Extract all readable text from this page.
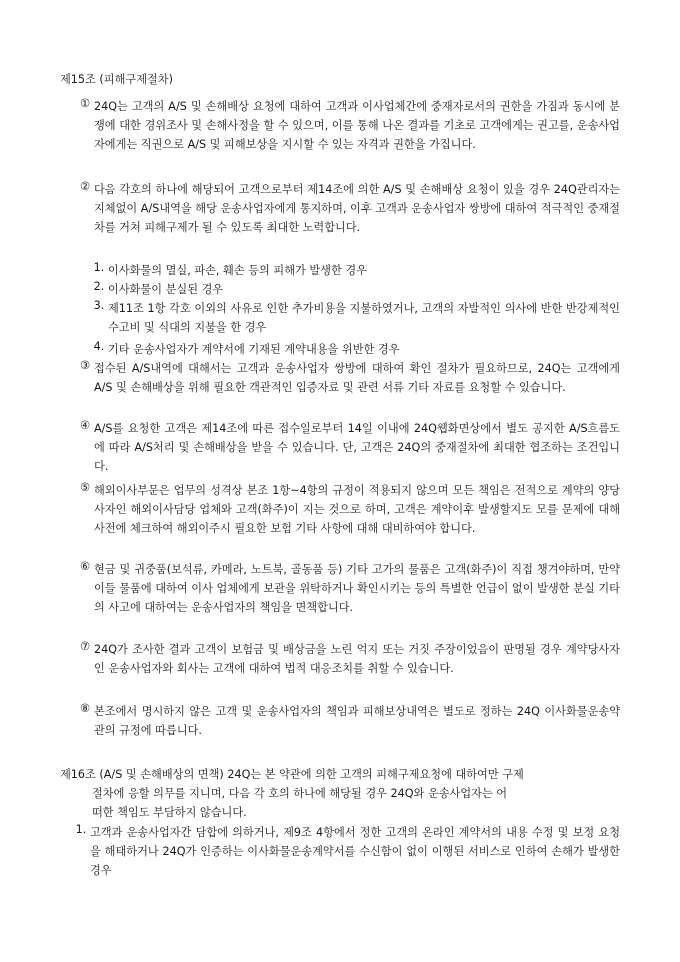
제15조 (피해구제절차)
① 24Q는 고객의 A/S 및 손해배상 요청에 대하여 고객과 이사업체간에 중재자로서의 권한을 가짐과 동시에 분쟁에 대한 경위조사 및 손해사정을 할 수 있으며, 이를 통해 나온 결과를 기초로 고객에게는 권고를, 운송사업자에게는 직권으로 A/S 및 피해보상을 지시할 수 있는 자격과 권한을 가집니다.
② 다음 각호의 하나에 해당되어 고객으로부터 제14조에 의한 A/S 및 손해배상 요청이 있을 경우 24Q관리자는 지체없이 A/S내역을 해당 운송사업자에게 통지하며, 이후 고객과 운송사업자 쌍방에 대하여 적극적인 중재절차를 거쳐 피해구제가 될 수 있도록 최대한 노력합니다.
1. 이사화물의 멸실, 파손, 훼손 등의 피해가 발생한 경우
2. 이사화물이 분실된 경우
3. 제11조 1항 각호 이외의 사유로 인한 추가비용을 지불하였거나, 고객의 자발적인 의사에 반한 반강제적인 수고비 및 식대의 지불을 한 경우
4. 기타 운송사업자가 계약서에 기재된 계약내용을 위반한 경우
③ 접수된 A/S내역에 대해서는 고객과 운송사업자 쌍방에 대하여 확인 절차가 필요하므로, 24Q는 고객에게 A/S 및 손해배상을 위해 필요한 객관적인 입증자료 및 관련 서류 기타 자료를 요청할 수 있습니다.
④ A/S를 요청한 고객은 제14조에 따른 접수일로부터 14일 이내에 24Q웹화면상에서 별도 공지한 A/S흐름도에 따라 A/S처리 및 손해배상을 받을 수 있습니다. 단, 고객은 24Q의 중재절차에 최대한 협조하는 조건입니다.
⑤ 해외이사부문은 업무의 성격상 본조 1항~4항의 규정이 적용되지 않으며 모든 책임은 전적으로 계약의 양당사자인 해외이사담당 업체와 고객(화주)이 지는 것으로 하며, 고객은 계약이후 발생할지도 모를 문제에 대해 사전에 체크하여 해외이주시 필요한 보험 기타 사항에 대해 대비하여야 합니다.
⑥ 현금 및 귀중품(보석류, 카메라, 노트북, 골동품 등) 기타 고가의 물품은 고객(화주)이 직접 챙겨야하며, 만약 이들 물품에 대하여 이사 업체에게 보관을 위탁하거나 확인시키는 등의 특별한 언급이 없이 발생한 분실 기타의 사고에 대하여는 운송사업자의 책임을 면책합니다.
⑦ 24Q가 조사한 결과 고객이 보험금 및 배상금을 노린 억지 또는 거짓 주장이었음이 판명될 경우 계약당사자인 운송사업자와 회사는 고객에 대하여 법적 대응조치를 취할 수 있습니다.
⑧ 본조에서 명시하지 않은 고객 및 운송사업자의 책임과 피해보상내역은 별도로 정하는 24Q 이사화물운송약관의 규정에 따릅니다.
제16조 (A/S 및 손해배상의 면책) 24Q는 본 약관에 의한 고객의 피해구제요청에 대하여만 구제
절차에 응할 의무를 지니며, 다음 각 호의 하나에 해당될 경우 24Q와 운송사업자는 어
떠한 책임도 부담하지 않습니다.
1. 고객과 운송사업자간 담합에 의하거나, 제9조 4항에서 정한 고객의 온라인 계약서의 내용 수정 및 보정 요청을 해태하거나 24Q가 인증하는 이사화물운송계약서를 수신함이 없이 이행된 서비스로 인하여 손해가 발생한 경우
